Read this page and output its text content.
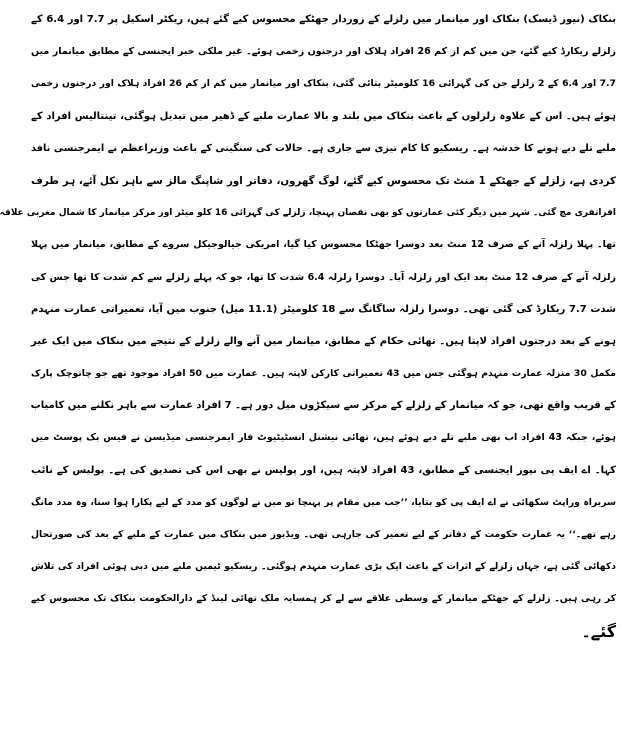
بنکاک (نیوز ڈیسک) بنکاک اور میانمار میں زلزلے کے زوردار جھٹکے محسوس کیے گئے ہیں، ریکٹر اسکیل پر 7.7 اور 6.4 کے
زلزلے ریکارڈ کیے گئے، جن میں کم از کم 26 افراد ہلاک اور درجنوں زخمی ہوئے۔ غیر ملکی خبر ایجنسی کے مطابق میانمار میں
7.7 اور 6.4 کے 2 زلزلے جن کی گہرائی 16 کلومیٹر بتائی گئی، بنکاک اور میانمار میں کم از کم 26 افراد ہلاک اور درجنوں زخمی
ہوئے ہیں۔ اس کے علاوہ زلزلوں کے باعث بنکاک میں بلند و بالا عمارت ملبے کے ڈھیر میں تبدیل ہوگئی، تینتالیس افراد کے
ملبے تلے دبے ہونے کا خدشہ ہے۔ ریسکیو کا کام تیزی سے جاری ہے۔ حالات کی سنگینی کے باعث وزیراعظم نے ایمرجنسی نافذ
کردی ہے، زلزلے کے جھٹکے 1 منٹ تک محسوس کیے گئے، لوگ گھروں، دفاتر اور شاپنگ مالز سے باہر نکل آئے، ہر طرف
افراتفری مچ گئی۔ شہر میں دیگر کئی عمارتوں کو بھی نقصان پہنچا، زلزلے کی گہرائی 16 کلو میٹر اور مرکز میانمار کا شمال مغربی علاقہ
تھا۔ پہلا زلزلہ آنے کے صرف 12 منٹ بعد دوسرا جھٹکا محسوس کیا گیا، امریکی جیالوجیکل سروے کے مطابق، میانمار میں پہلا
زلزلہ آنے کے صرف 12 منٹ بعد ایک اور زلزلہ آیا۔ دوسرا زلزلہ 6.4 شدت کا تھا، جو کہ پہلے زلزلے سے کم شدت کا تھا جس کی
شدت 7.7 ریکارڈ کی گئی تھی۔ دوسرا زلزلہ ساگانگ سے 18 کلومیٹر (11.1 میل) جنوب میں آیا، تعمیراتی عمارت منہدم
ہونے کے بعد درجنوں افراد لاپتا ہیں۔ تھائی حکام کے مطابق، میانمار میں آنے والے زلزلے کے نتیجے میں بنکاک میں ایک غیر
مکمل 30 منزلہ عمارت منہدم ہوگئی جس میں 43 تعمیراتی کارکن لاپتہ ہیں۔ عمارت میں 50 افراد موجود تھے جو چاتوچک پارک
کے قریب واقع تھی، جو کہ میانمار کے زلزلے کے مرکز سے سیکڑوں میل دور ہے۔ 7 افراد عمارت سے باہر نکلنے میں کامیاب
ہوئے، جبکہ 43 افراد اب بھی ملبے تلے دبے ہوئے ہیں، تھائی نیشنل انسٹیٹیوٹ فار ایمرجنسی میڈیسن نے فیس بک پوسٹ میں
کہا۔ اے ایف پی نیوز ایجنسی کے مطابق، 43 افراد لاپتہ ہیں، اور پولیس نے بھی اس کی تصدیق کی ہے۔ پولیس کے نائب
سربراہ وراپٹ سکھائی نے اے ایف پی کو بتایا، ’’جب میں مقام پر پہنچا تو میں نے لوگوں کو مدد کے لیے پکارا ہوا سنا، وہ مدد مانگ
رہے تھے۔‘‘ یہ عمارت حکومت کے دفاتر کے لیے تعمیر کی جارہی تھی۔ ویڈیوز میں بنکاک میں عمارت کے ملبے کے بعد کی صورتحال
دکھائی گئی ہے، جہاں زلزلے کے اثرات کے باعث ایک بڑی عمارت منہدم ہوگئی۔ ریسکیو ٹیمیں ملبے میں دبی ہوئی افراد کی تلاش
کر رہی ہیں۔ زلزلے کے جھٹکے میانمار کے وسطی علاقے سے لے کر ہمسایہ ملک تھائی لینڈ کے دارالحکومت بنکاک تک محسوس کیے
گئے۔
